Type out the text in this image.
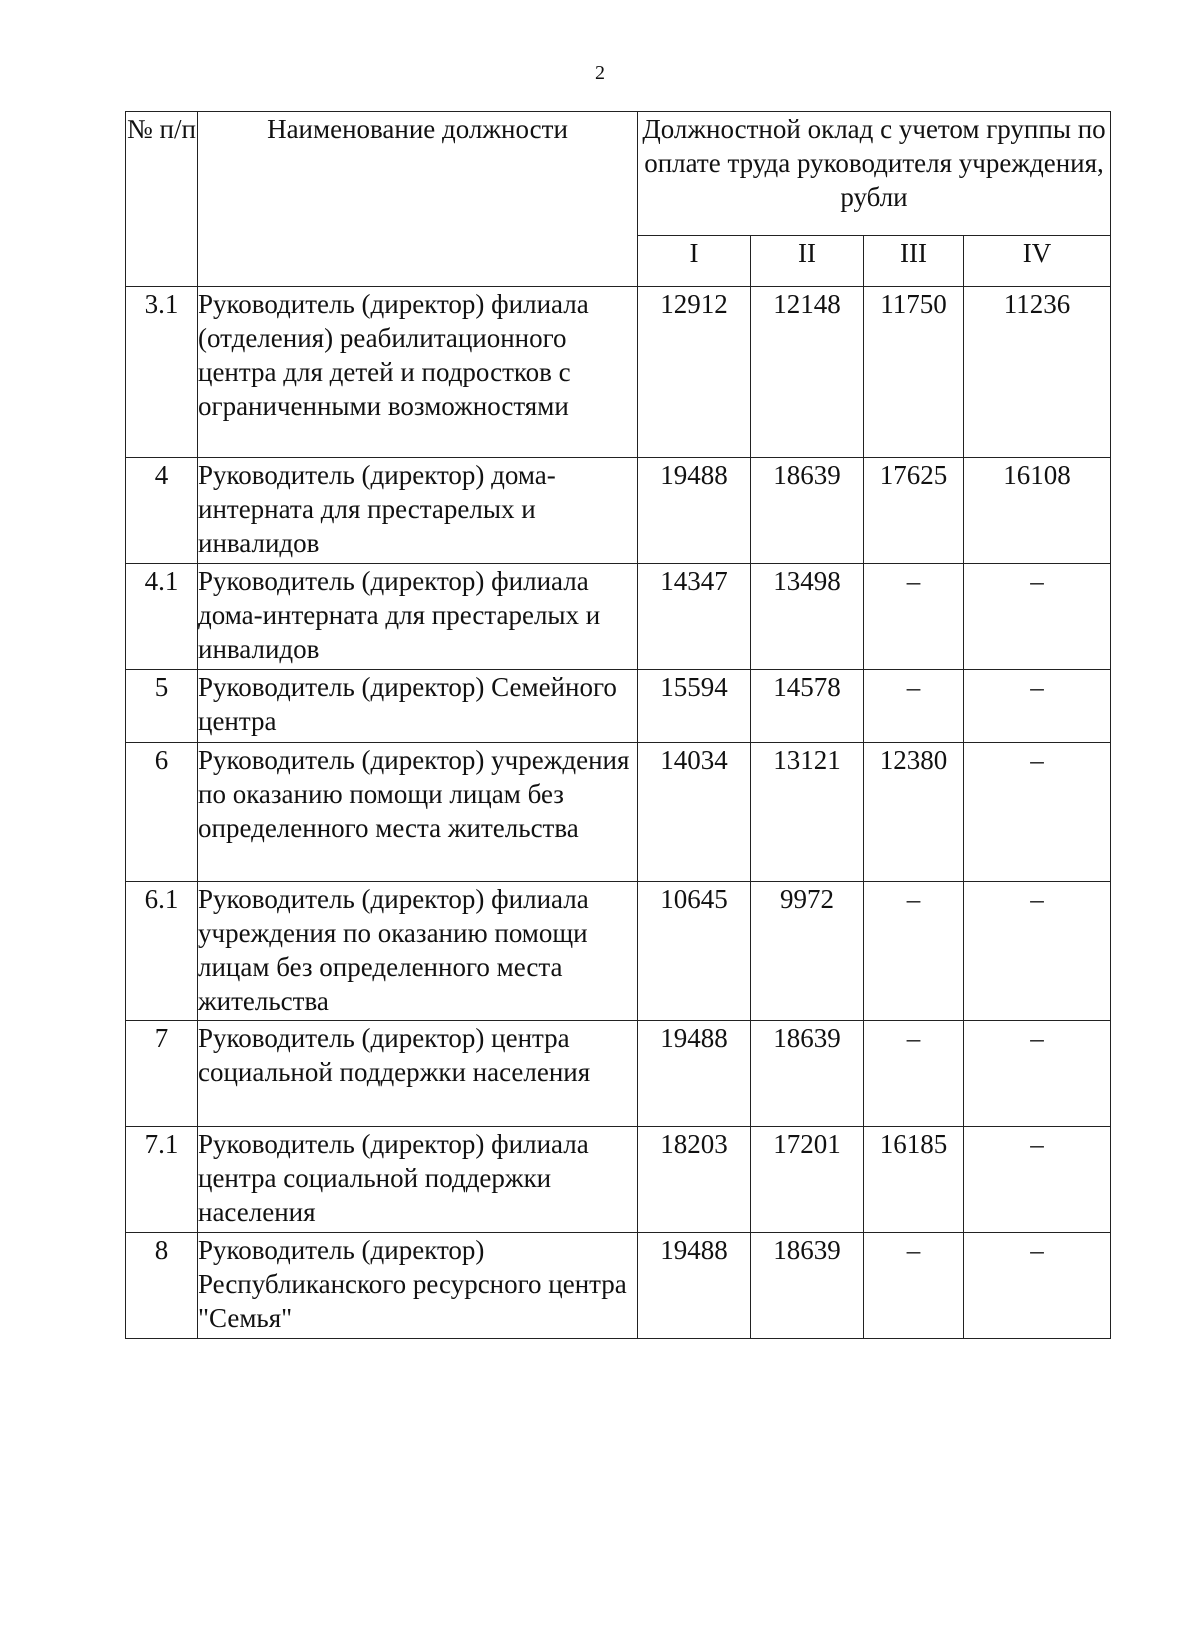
2
№ п/п	Наименование должности	Должностной оклад с учетом группы по оплате труда руководителя учреждения, рубли			
		I	II	III	IV
3.1	Руководитель (директор) филиала (отделения) реабилитационного центра для детей и подростков с ограниченными возможностями	12912	12148	11750	11236
4	Руководитель (директор) дома-интерната для престарелых и инвалидов	19488	18639	17625	16108
4.1	Руководитель (директор) филиала дома-интерната для престарелых и инвалидов	14347	13498	–	–
5	Руководитель (директор) Семейного центра	15594	14578	–	–
6	Руководитель (директор) учреждения по оказанию помощи лицам без определенного места жительства	14034	13121	12380	–
6.1	Руководитель (директор) филиала учреждения по оказанию помощи лицам без определенного места жительства	10645	9972	–	–
7	Руководитель (директор) центра социальной поддержки населения	19488	18639	–	–
7.1	Руководитель (директор) филиала центра социальной поддержки населения	18203	17201	16185	–
8	Руководитель (директор) Республиканского ресурсного центра "Семья"	19488	18639	–	–
